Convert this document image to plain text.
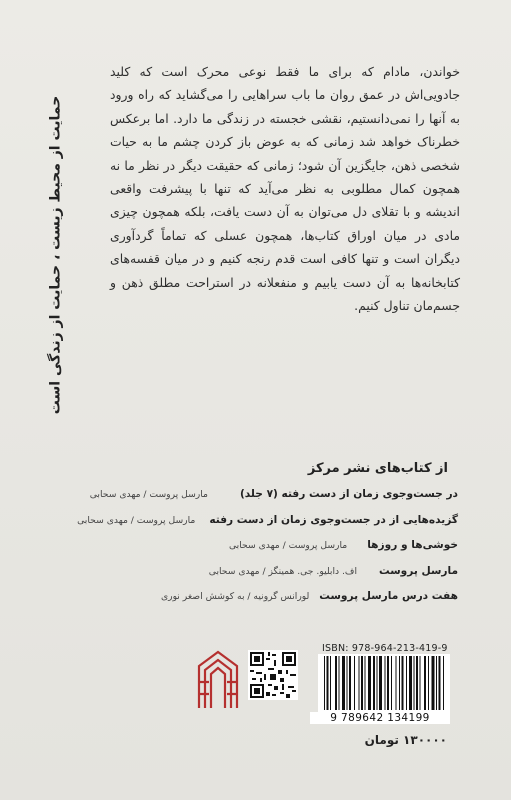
حمایت از محیط زیست ، حمایت از زندگی است
خواندن، مادام که برای ما فقط نوعی محرک است که کلید جادویی‌اش در عمق روان ما باب سراهایی را می‌گشاید که راه ورود به آنها را نمی‌دانستیم، نقشی خجسته در زندگی ما دارد. اما برعکس خطرناک خواهد شد زمانی که به عوض باز کردن چشم ما به حیات شخصی ذهن، جایگزین آن شود؛ زمانی که حقیقت دیگر در نظر ما نه همچون کمال مطلوبی به نظر می‌آید که تنها با پیشرفت واقعی اندیشه و با تقلای دل می‌توان به آن دست یافت، بلکه همچون چیزی مادی در میان اوراق کتاب‌ها، همچون عسلی که تماماً گردآوری دیگران است و تنها کافی است قدم رنجه کنیم و در میان قفسه‌های کتابخانه‌ها به آن دست یابیم و منفعلانه در استراحت مطلق ذهن و جسم‌مان تناول کنیم.
از کتاب‌های نشر مرکز
در جست‌وجوی زمان از دست رفته (۷ جلد)
مارسل پروست / مهدی سحابی
گزیده‌هایی از در جست‌وجوی زمان از دست رفته
مارسل پروست / مهدی سحابی
خوشی‌ها و روزها
مارسل پروست / مهدی سحابی
مارسل پروست
اف. دابلیو. جی. همینگز / مهدی سحابی
هفت درس مارسل پروست
لورانس گرونیه / به کوشش اصغر نوری
ISBN: 978-964-213-419-9
9 789642 134199
۱۳۰۰۰۰ تومان
